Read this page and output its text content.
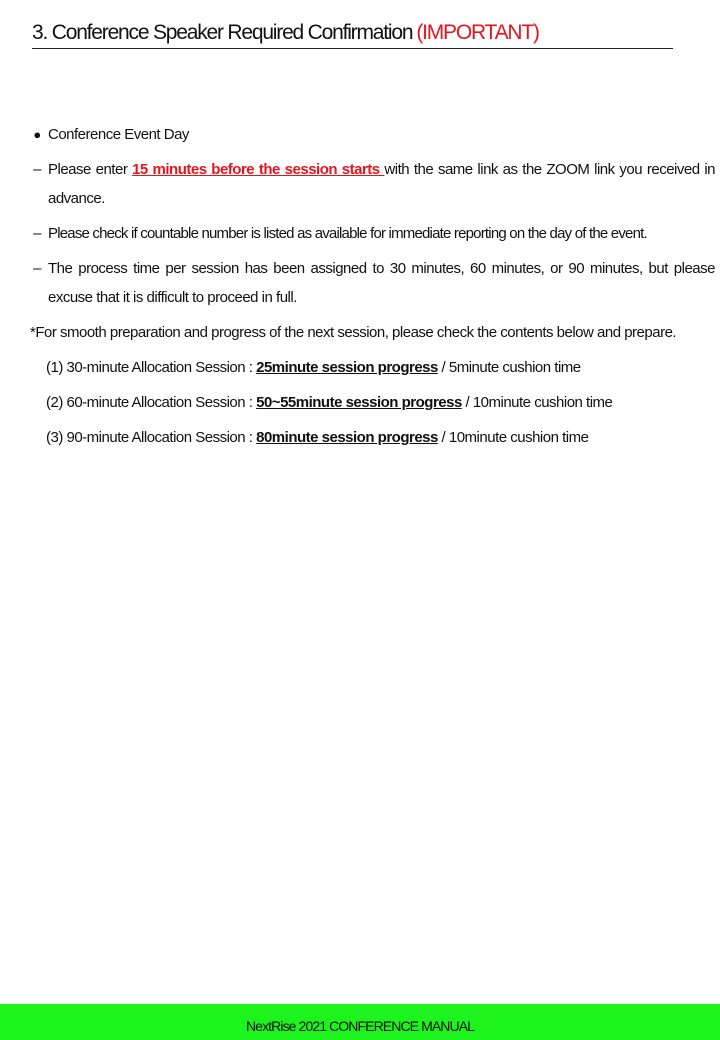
3. Conference Speaker Required Confirmation (IMPORTANT)
● Conference Event Day
– Please enter 15 minutes before the session starts with the same link as the ZOOM link you received in advance.
– Please check if countable number is listed as available for immediate reporting on the day of the event.
– The process time per session has been assigned to 30 minutes, 60 minutes, or 90 minutes, but please excuse that it is difficult to proceed in full.
*For smooth preparation and progress of the next session, please check the contents below and prepare.
(1) 30-minute Allocation Session : 25minute session progress / 5minute cushion time
(2) 60-minute Allocation Session : 50~55minute session progress / 10minute cushion time
(3) 90-minute Allocation Session : 80minute session progress / 10minute cushion time
NextRise 2021 CONFERENCE MANUAL
